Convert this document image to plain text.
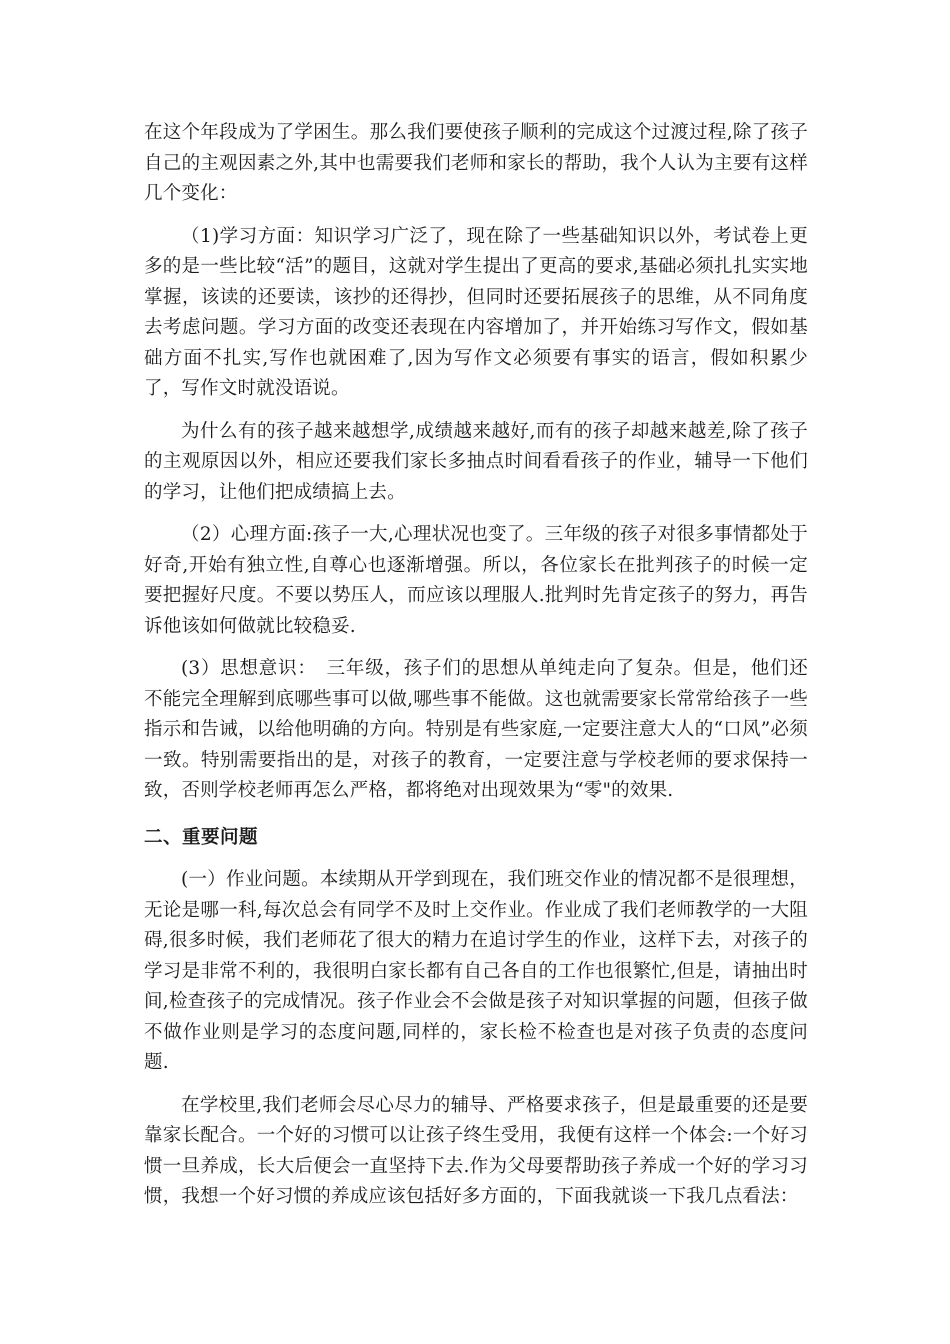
在这个年段成为了学困生。那么我们要使孩子顺利的完成这个过渡过程,除了孩子自己的主观因素之外,其中也需要我们老师和家长的帮助，我个人认为主要有这样几个变化：

（1)学习方面：知识学习广泛了，现在除了一些基础知识以外，考试卷上更多的是一些比较“活”的题目，这就对学生提出了更高的要求,基础必须扎扎实实地掌握，该读的还要读，该抄的还得抄，但同时还要拓展孩子的思维，从不同角度去考虑问题。学习方面的改变还表现在内容增加了，并开始练习写作文，假如基础方面不扎实,写作也就困难了,因为写作文必须要有事实的语言，假如积累少了，写作文时就没语说。

为什么有的孩子越来越想学,成绩越来越好,而有的孩子却越来越差,除了孩子的主观原因以外，相应还要我们家长多抽点时间看看孩子的作业，辅导一下他们的学习，让他们把成绩搞上去。

（2）心理方面:孩子一大,心理状况也变了。三年级的孩子对很多事情都处于好奇,开始有独立性,自尊心也逐渐增强。所以，各位家长在批判孩子的时候一定要把握好尺度。不要以势压人，而应该以理服人.批判时先肯定孩子的努力，再告诉他该如何做就比较稳妥.

(3）思想意识：　三年级，孩子们的思想从单纯走向了复杂。但是，他们还不能完全理解到底哪些事可以做,哪些事不能做。这也就需要家长常常给孩子一些指示和告诫，以给他明确的方向。特别是有些家庭,一定要注意大人的“口风”必须一致。特别需要指出的是，对孩子的教育，一定要注意与学校老师的要求保持一致，否则学校老师再怎么严格，都将绝对出现效果为“零"的效果.

二、重要问题

(一）作业问题。本续期从开学到现在，我们班交作业的情况都不是很理想，无论是哪一科,每次总会有同学不及时上交作业。作业成了我们老师教学的一大阻碍,很多时候，我们老师花了很大的精力在追讨学生的作业，这样下去，对孩子的学习是非常不利的，我很明白家长都有自己各自的工作也很繁忙,但是，请抽出时间,检查孩子的完成情况。孩子作业会不会做是孩子对知识掌握的问题，但孩子做不做作业则是学习的态度问题,同样的，家长检不检查也是对孩子负责的态度问题.

在学校里,我们老师会尽心尽力的辅导、严格要求孩子，但是最重要的还是要靠家长配合。一个好的习惯可以让孩子终生受用，我便有这样一个体会:一个好习惯一旦养成，长大后便会一直坚持下去.作为父母要帮助孩子养成一个好的学习习惯，我想一个好习惯的养成应该包括好多方面的，下面我就谈一下我几点看法：
